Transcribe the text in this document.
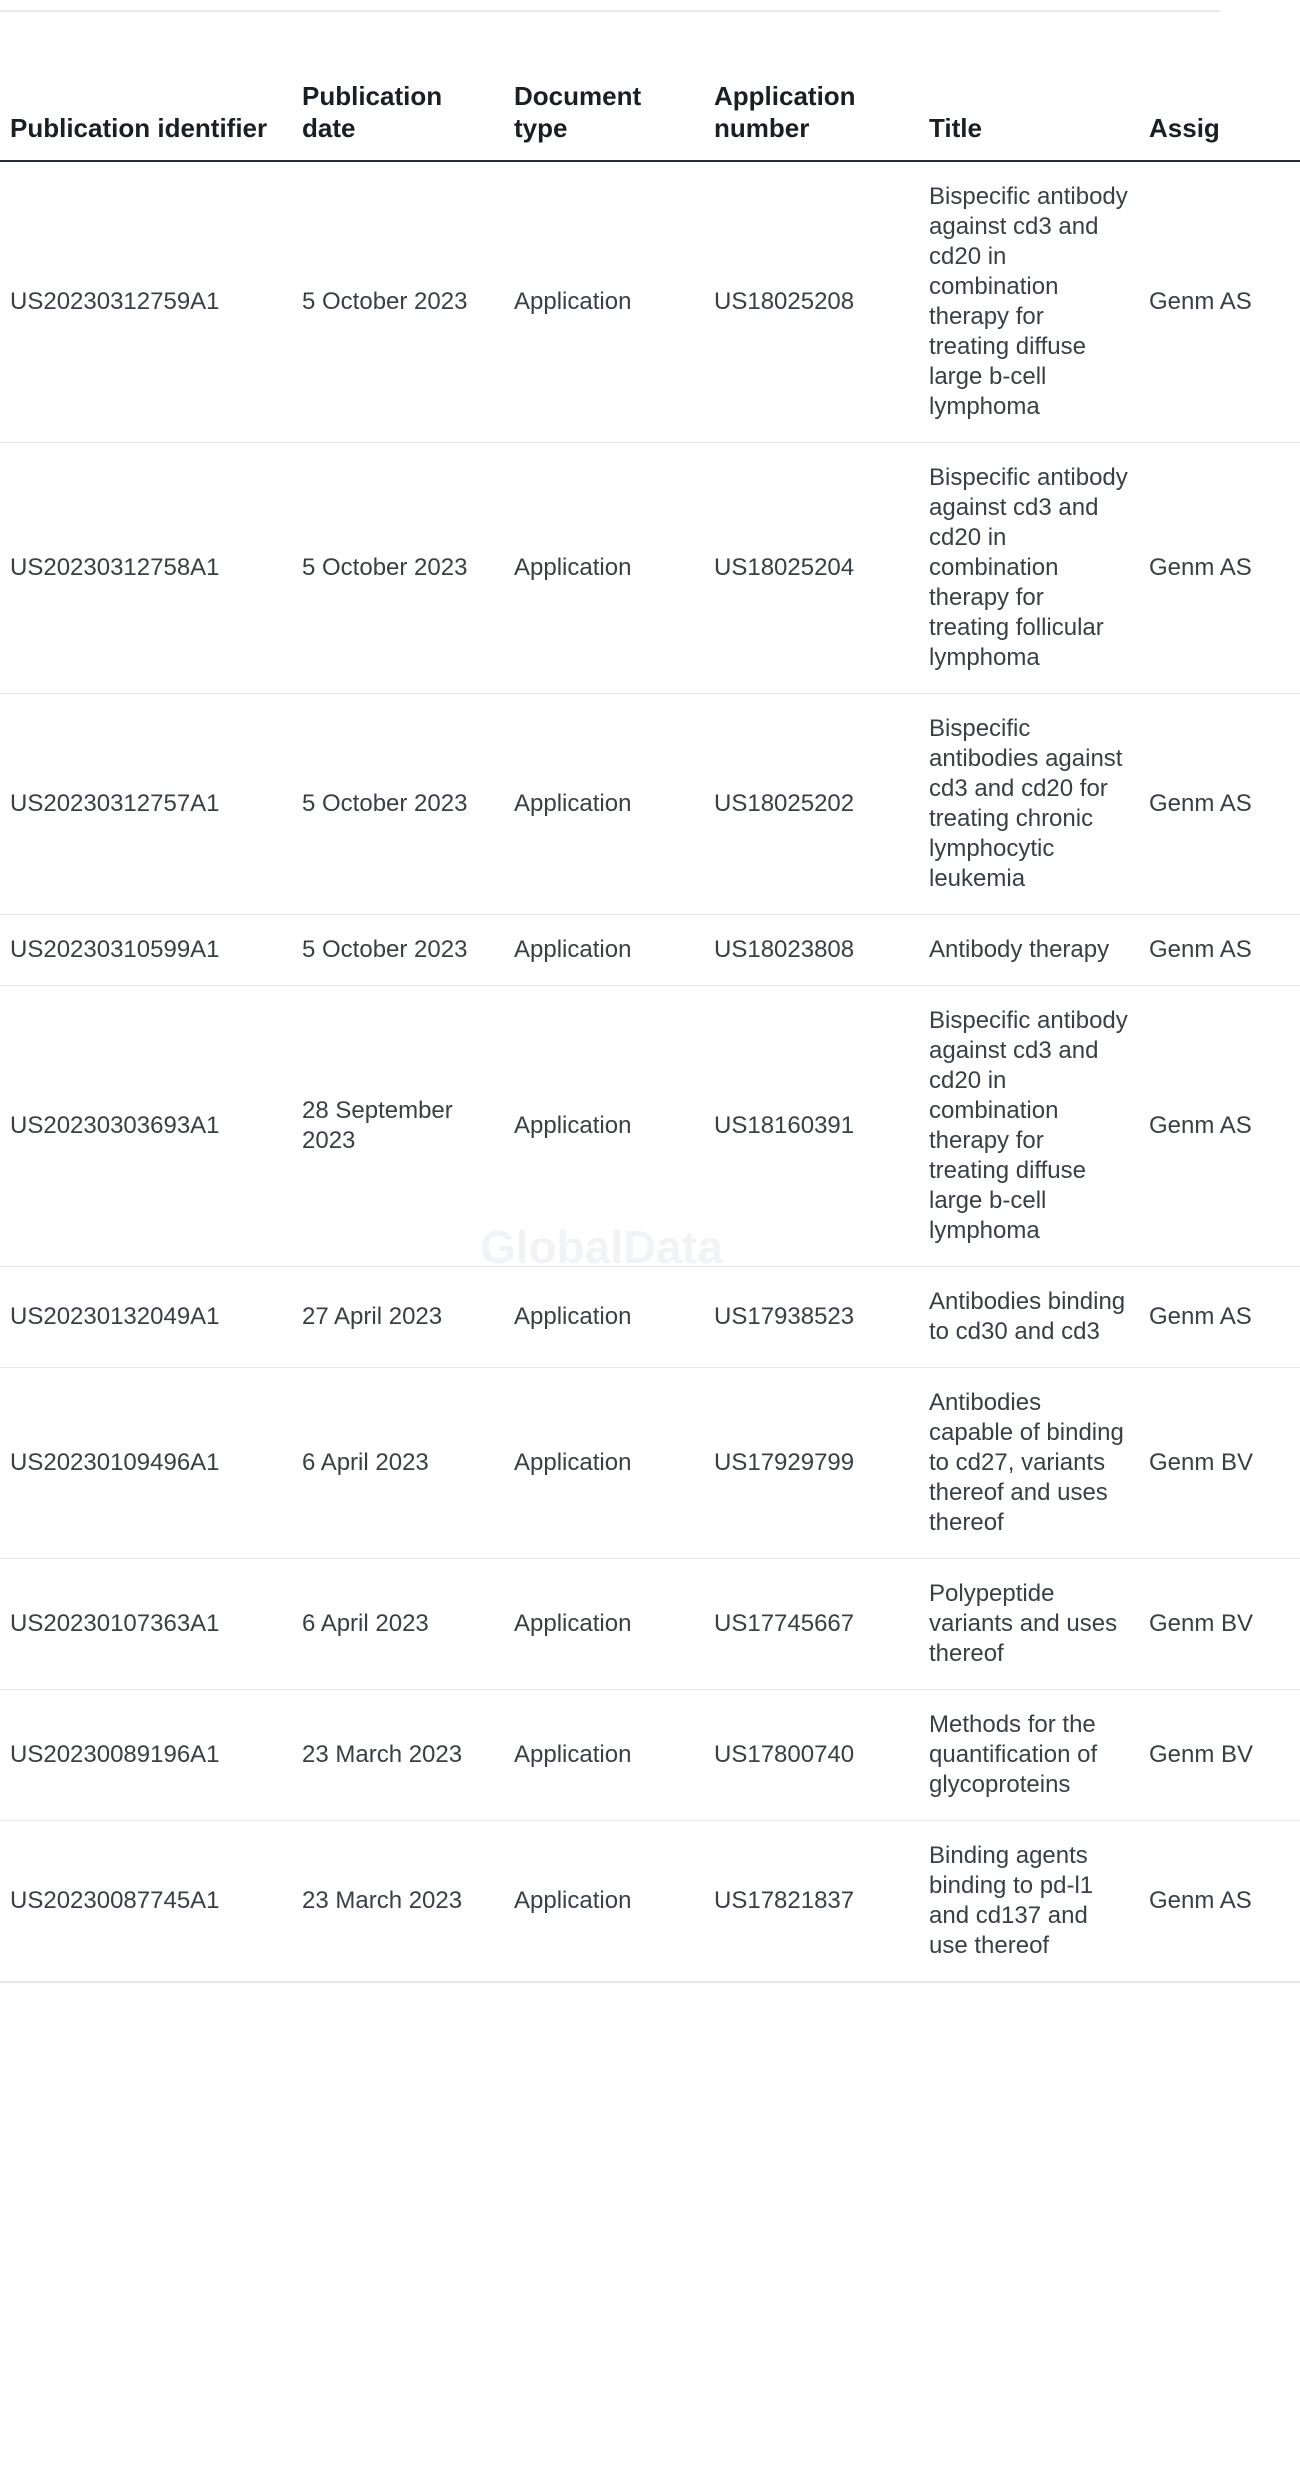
GlobalData
Publication identifier	Publication date	Document type	Application number	Title	Assig
US20230312759A1	5 October 2023	Application	US18025208	Bispecific antibody against cd3 and cd20 in combination therapy for treating diffuse large b-cell lymphoma	Genm AS
US20230312758A1	5 October 2023	Application	US18025204	Bispecific antibody against cd3 and cd20 in combination therapy for treating follicular lymphoma	Genm AS
US20230312757A1	5 October 2023	Application	US18025202	Bispecific antibodies against cd3 and cd20 for treating chronic lymphocytic leukemia	Genm AS
US20230310599A1	5 October 2023	Application	US18023808	Antibody therapy	Genm AS
US20230303693A1	28 September 2023	Application	US18160391	Bispecific antibody against cd3 and cd20 in combination therapy for treating diffuse large b-cell lymphoma	Genm AS
US20230132049A1	27 April 2023	Application	US17938523	Antibodies binding to cd30 and cd3	Genm AS
US20230109496A1	6 April 2023	Application	US17929799	Antibodies capable of binding to cd27, variants thereof and uses thereof	Genm BV
US20230107363A1	6 April 2023	Application	US17745667	Polypeptide variants and uses thereof	Genm BV
US20230089196A1	23 March 2023	Application	US17800740	Methods for the quantification of glycoproteins	Genm BV
US20230087745A1	23 March 2023	Application	US17821837	Binding agents binding to pd-l1 and cd137 and use thereof	Genm AS
